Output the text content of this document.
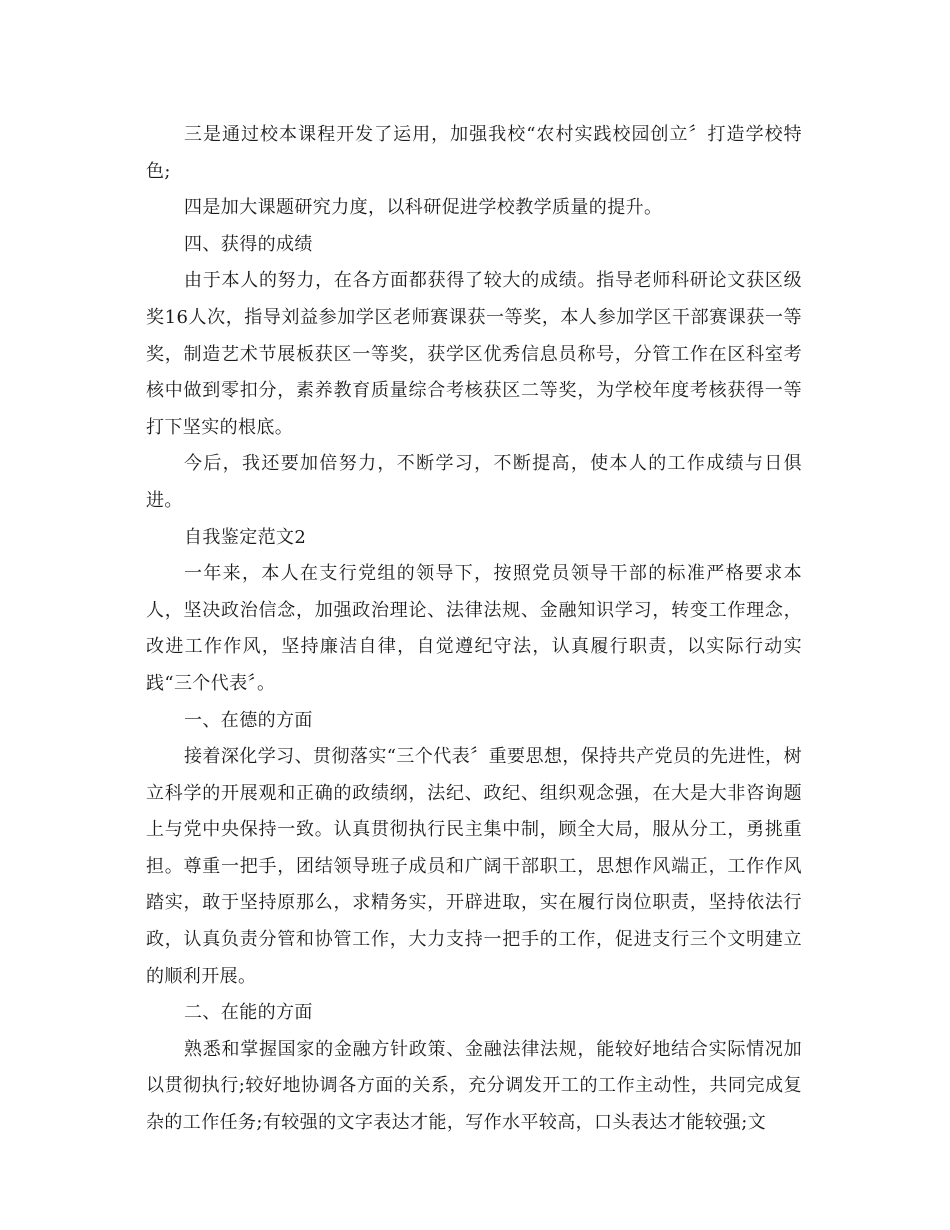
三是通过校本课程开发了运用，加强我校“农村实践校园创立〞打造学校特色;

四是加大课题研究力度，以科研促进学校教学质量的提升。

四、获得的成绩

由于本人的努力，在各方面都获得了较大的成绩。指导老师科研论文获区级奖16人次，指导刘益参加学区老师赛课获一等奖，本人参加学区干部赛课获一等奖，制造艺术节展板获区一等奖，获学区优秀信息员称号，分管工作在区科室考核中做到零扣分，素养教育质量综合考核获区二等奖，为学校年度考核获得一等打下坚实的根底。

今后，我还要加倍努力，不断学习，不断提高，使本人的工作成绩与日俱进。

自我鉴定范文2

一年来，本人在支行党组的领导下，按照党员领导干部的标准严格要求本人，坚决政治信念，加强政治理论、法律法规、金融知识学习，转变工作理念，改进工作作风，坚持廉洁自律，自觉遵纪守法，认真履行职责，以实际行动实践“三个代表〞。

一、在德的方面

接着深化学习、贯彻落实“三个代表〞重要思想，保持共产党员的先进性，树立科学的开展观和正确的政绩纲，法纪、政纪、组织观念强，在大是大非咨询题上与党中央保持一致。认真贯彻执行民主集中制，顾全大局，服从分工，勇挑重担。尊重一把手，团结领导班子成员和广阔干部职工，思想作风端正，工作作风踏实，敢于坚持原那么，求精务实，开辟进取，实在履行岗位职责，坚持依法行政，认真负责分管和协管工作，大力支持一把手的工作，促进支行三个文明建立的顺利开展。

二、在能的方面

熟悉和掌握国家的金融方针政策、金融法律法规，能较好地结合实际情况加以贯彻执行;较好地协调各方面的关系，充分调发开工的工作主动性，共同完成复杂的工作任务;有较强的文字表达才能，写作水平较高，口头表达才能较强;文
